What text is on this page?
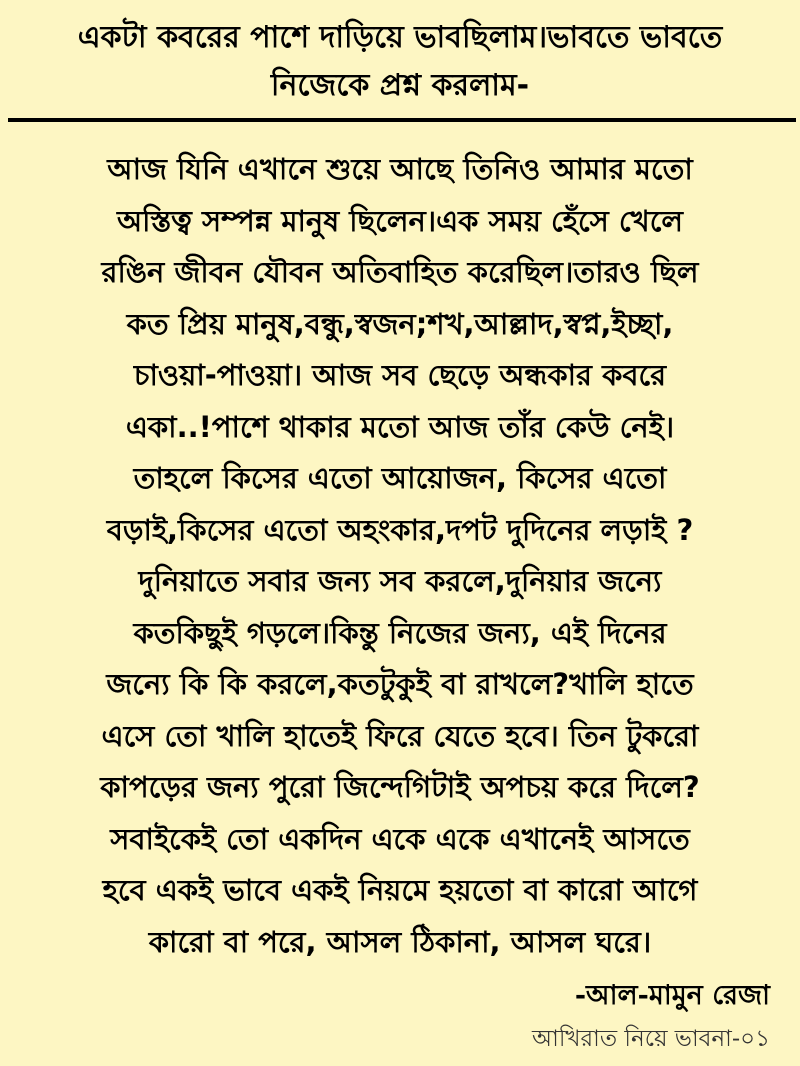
একটা কবরের পাশে দাড়িয়ে ভাবছিলাম।ভাবতে ভাবতে
নিজেকে প্রশ্ন করলাম-
আজ যিনি এখানে শুয়ে আছে তিনিও আমার মতো
অস্তিত্ব সম্পন্ন মানুষ ছিলেন।এক সময় হেঁসে খেলে
রঙিন জীবন যৌবন অতিবাহিত করেছিল।তারও ছিল
কত প্রিয় মানুষ,বন্ধু,স্বজন;শখ,আল্লাদ,স্বপ্ন,ইচ্ছা,
চাওয়া-পাওয়া। আজ সব ছেড়ে অন্ধকার কবরে
একা..!পাশে থাকার মতো আজ তাঁর কেউ নেই।
তাহলে কিসের এতো আয়োজন, কিসের এতো
বড়াই,কিসের এতো অহংকার,দপট দুদিনের লড়াই ?
দুনিয়াতে সবার জন্য সব করলে,দুনিয়ার জন্যে
কতকিছুই গড়লে।কিন্তু নিজের জন্য, এই দিনের
জন্যে কি কি করলে,কতটুকুই বা রাখলে?খালি হাতে
এসে তো খালি হাতেই ফিরে যেতে হবে। তিন টুকরো
কাপড়ের জন্য পুরো জিন্দেগিটাই অপচয় করে দিলে?
সবাইকেই তো একদিন একে একে এখানেই আসতে
হবে একই ভাবে একই নিয়মে হয়তো বা কারো আগে
কারো বা পরে, আসল ঠিকানা, আসল ঘরে।
-আল-মামুন রেজা
আখিরাত নিয়ে ভাবনা-০১
